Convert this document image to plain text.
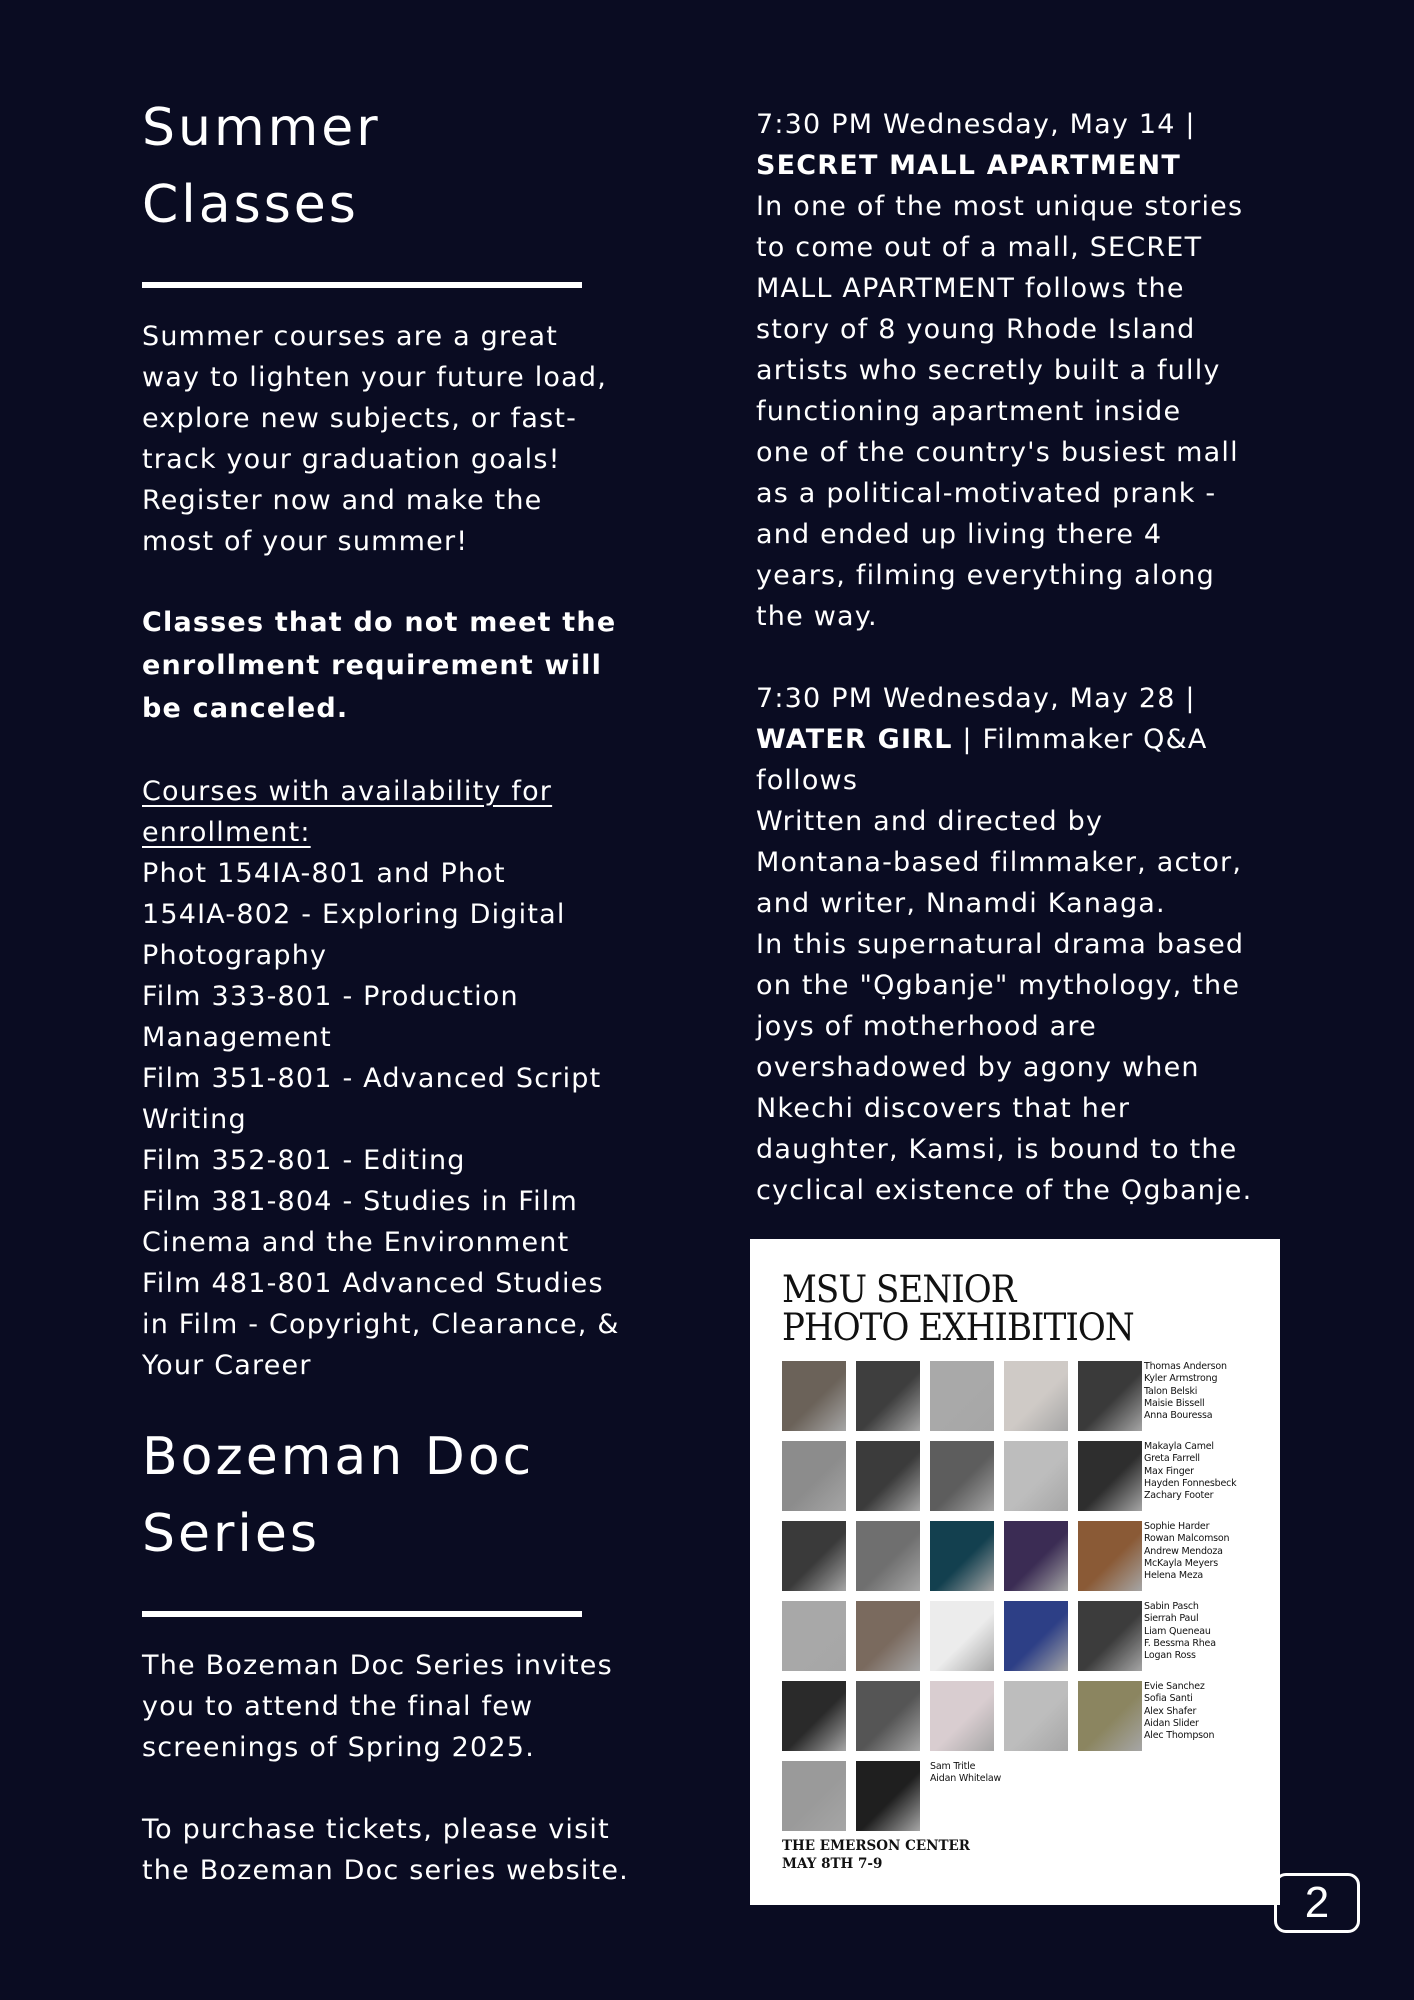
Summer
Classes
Summer courses are a great
way to lighten your future load,
explore new subjects, or fast-
track your graduation goals!
Register now and make the
most of your summer!
Classes that do not meet the
enrollment requirement will
be canceled.
Courses with availability for
enrollment:
Phot 154IA-801 and Phot
154IA-802 - Exploring Digital
Photography
Film 333-801 - Production
Management
Film 351-801 - Advanced Script
Writing
Film 352-801 - Editing
Film 381-804 - Studies in Film
Cinema and the Environment
Film 481-801 Advanced Studies
in Film - Copyright, Clearance, &
Your Career
Bozeman Doc
Series
The Bozeman Doc Series invites
you to attend the final few
screenings of Spring 2025.
To purchase tickets, please visit
the Bozeman Doc series website.
7:30 PM Wednesday, May 14 |
SECRET MALL APARTMENT
In one of the most unique stories
to come out of a mall, SECRET
MALL APARTMENT follows the
story of 8 young Rhode Island
artists who secretly built a fully
functioning apartment inside
one of the country's busiest mall
as a political-motivated prank -
and ended up living there 4
years, filming everything along
the way.
7:30 PM Wednesday, May 28 |
WATER GIRL | Filmmaker Q&A
follows
Written and directed by
Montana-based filmmaker, actor,
and writer, Nnamdi Kanaga.
In this supernatural drama based
on the "Ọgbanje" mythology, the
joys of motherhood are
overshadowed by agony when
Nkechi discovers that her
daughter, Kamsi, is bound to the
cyclical existence of the Ọgbanje.
MSU SENIOR
PHOTO EXHIBITION
Thomas Anderson
Kyler Armstrong
Talon Belski
Maisie Bissell
Anna Bouressa
Makayla Camel
Greta Farrell
Max Finger
Hayden Fonnesbeck
Zachary Footer
Sophie Harder
Rowan Malcomson
Andrew Mendoza
McKayla Meyers
Helena Meza
Sabin Pasch
Sierrah Paul
Liam Queneau
F. Bessma Rhea
Logan Ross
Evie Sanchez
Sofia Santi
Alex Shafer
Aidan Slider
Alec Thompson
Sam Tritle
Aidan Whitelaw
THE EMERSON CENTER
MAY 8TH 7-9
2
